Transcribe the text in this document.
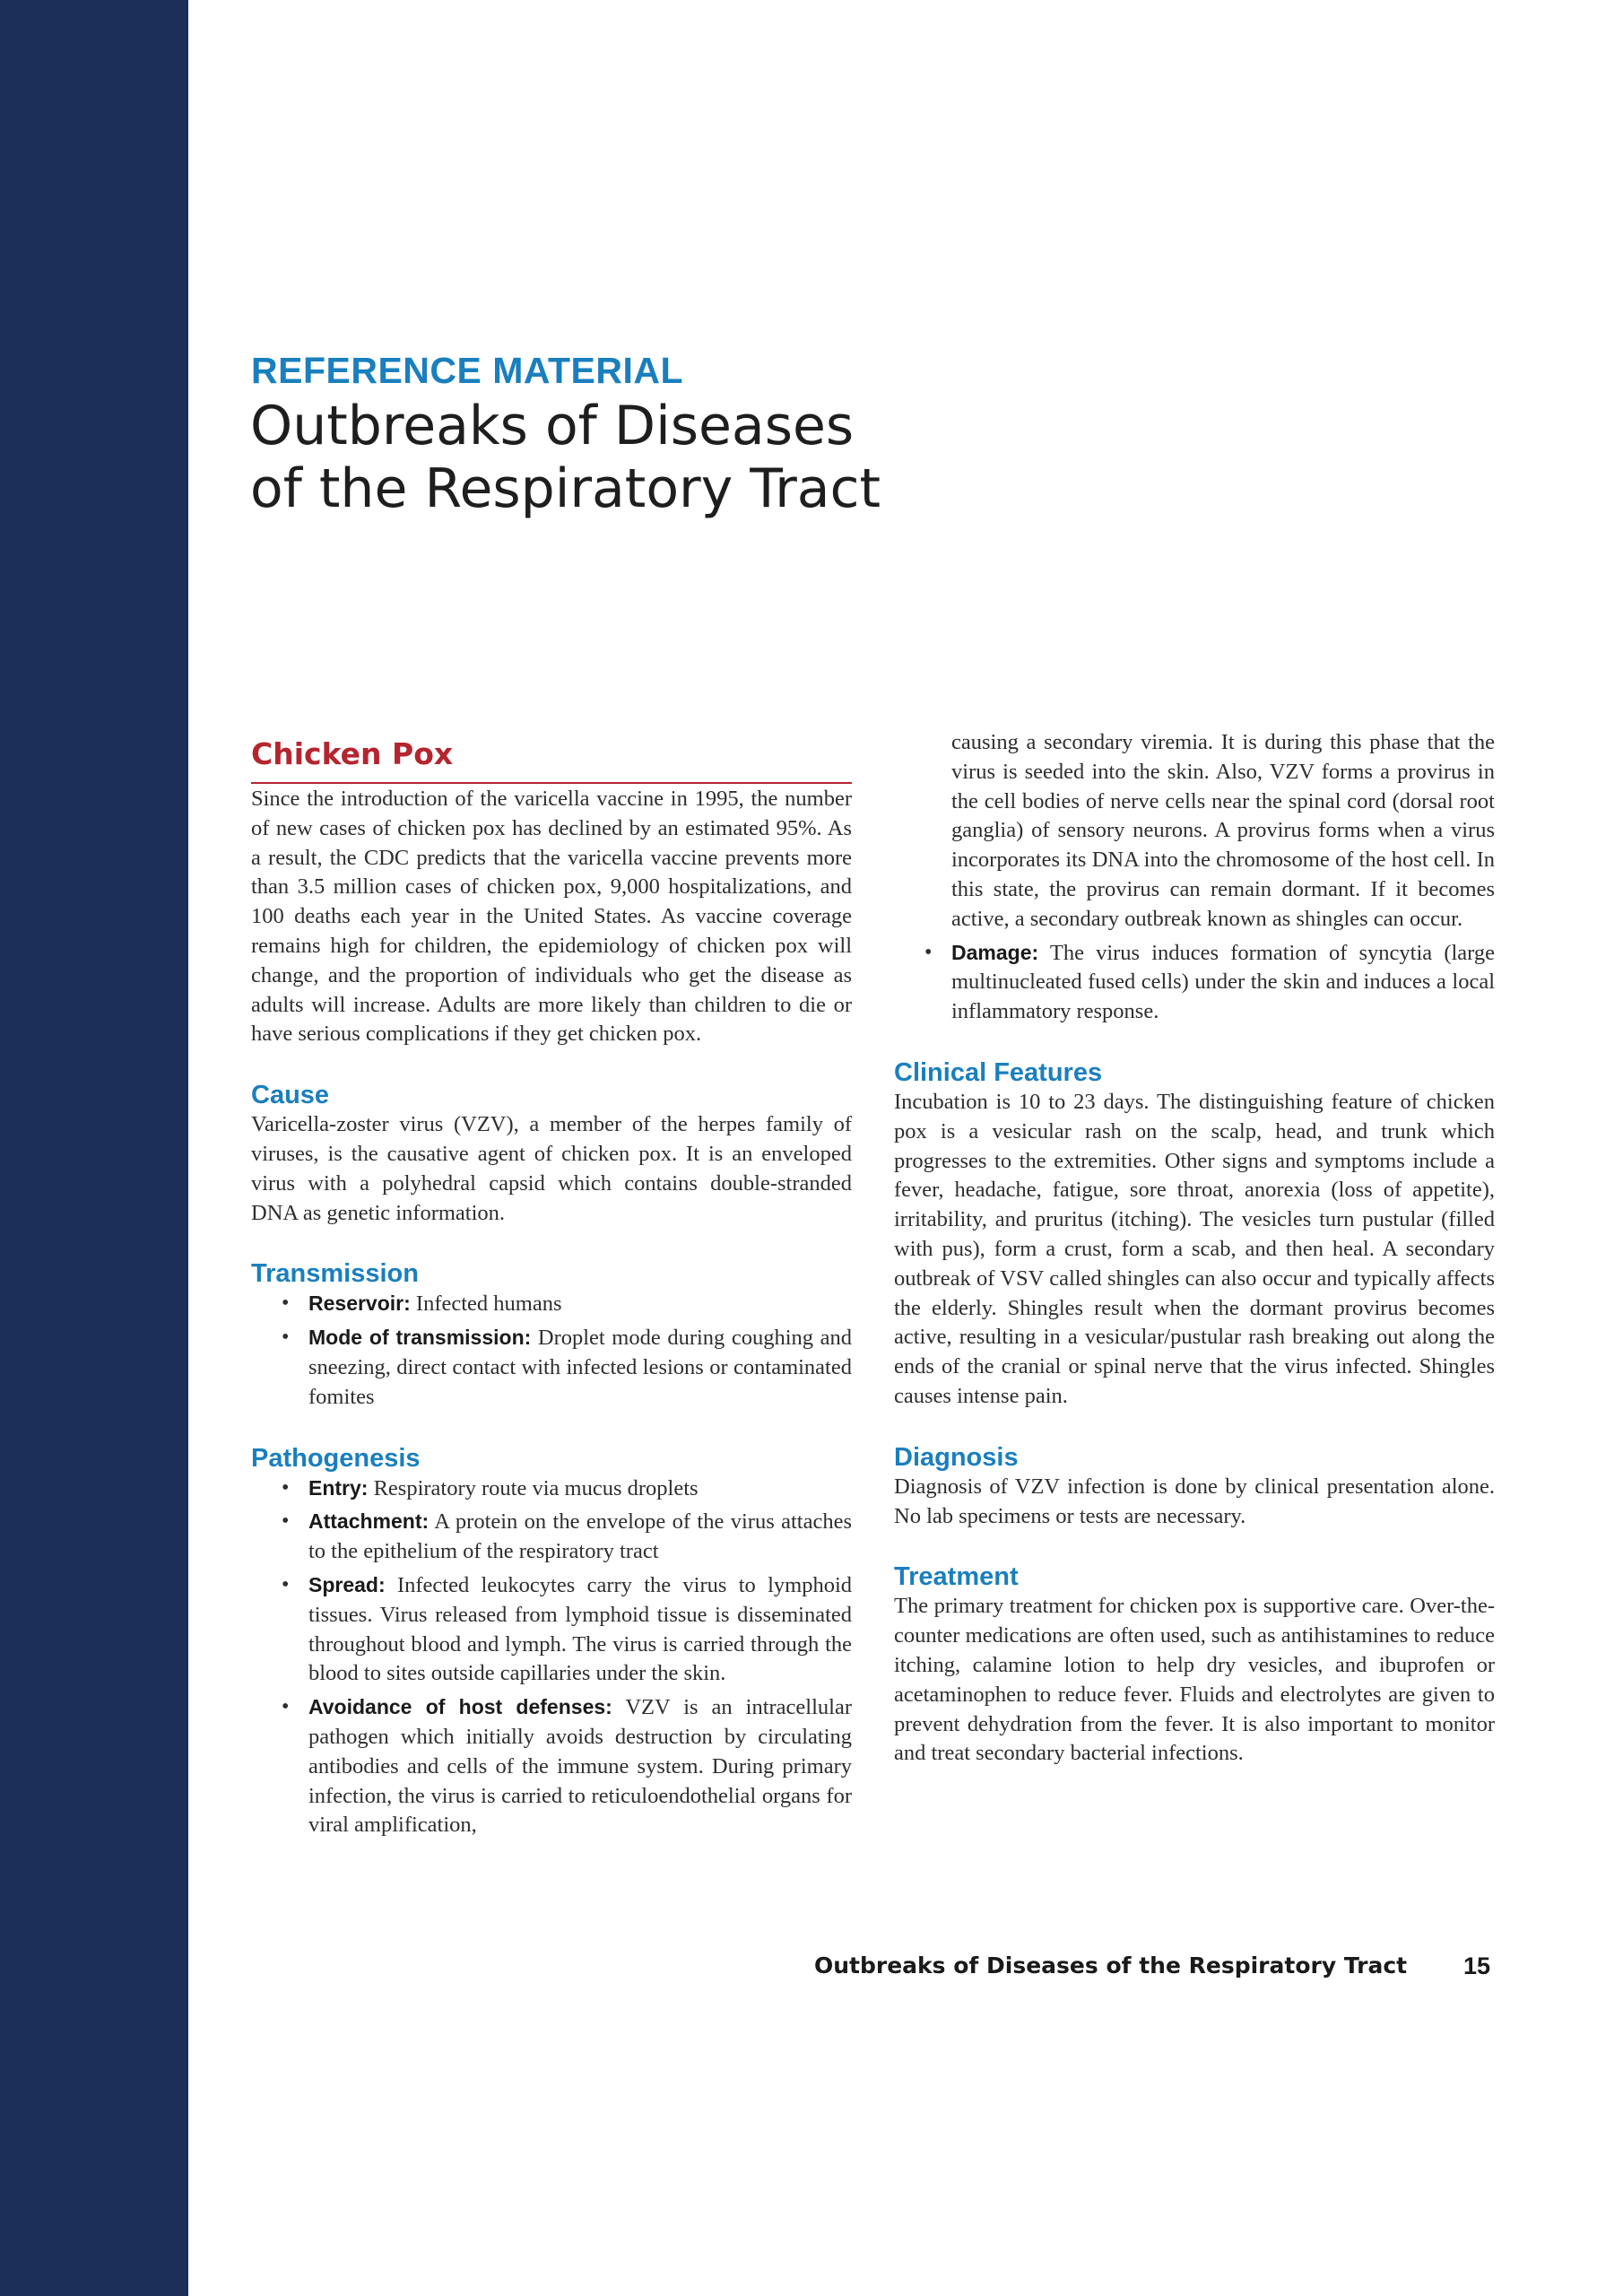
REFERENCE MATERIAL
Outbreaks of Diseases
of the Respiratory Tract
Chicken Pox

Since the introduction of the varicella vaccine in 1995, the number of new cases of chicken pox has declined by an estimated 95%. As a result, the CDC predicts that the varicella vaccine prevents more than 3.5 million cases of chicken pox, 9,000 hospitalizations, and 100 deaths each year in the United States. As vaccine coverage remains high for children, the epidemiology of chicken pox will change, and the proportion of individuals who get the disease as adults will increase. Adults are more likely than children to die or have serious complications if they get chicken pox.

Cause

Varicella-zoster virus (VZV), a member of the herpes family of viruses, is the causative agent of chicken pox. It is an enveloped virus with a polyhedral capsid which contains double-stranded DNA as genetic information.

Transmission
• Reservoir: Infected humans
• Mode of transmission: Droplet mode during coughing and sneezing, direct contact with infected lesions or contaminated fomites
Pathogenesis
• Entry: Respiratory route via mucus droplets
• Attachment: A protein on the envelope of the virus attaches to the epithelium of the respiratory tract
• Spread: Infected leukocytes carry the virus to lymphoid tissues. Virus released from lymphoid tissue is disseminated throughout blood and lymph. The virus is carried through the blood to sites outside capillaries under the skin.
• Avoidance of host defenses: VZV is an intracellular pathogen which initially avoids destruction by circulating antibodies and cells of the immune system. During primary infection, the virus is carried to reticuloendothelial organs for viral amplification,
causing a secondary viremia. It is during this phase that the virus is seeded into the skin. Also, VZV forms a provirus in the cell bodies of nerve cells near the spinal cord (dorsal root ganglia) of sensory neurons. A provirus forms when a virus incorporates its DNA into the chromosome of the host cell. In this state, the provirus can remain dormant. If it becomes active, a secondary outbreak known as shingles can occur.
• Damage: The virus induces formation of syncytia (large multinucleated fused cells) under the skin and induces a local inflammatory response.
Clinical Features

Incubation is 10 to 23 days. The distinguishing feature of chicken pox is a vesicular rash on the scalp, head, and trunk which progresses to the extremities. Other signs and symptoms include a fever, headache, fatigue, sore throat, anorexia (loss of appetite), irritability, and pruritus (itching). The vesicles turn pustular (filled with pus), form a crust, form a scab, and then heal. A secondary outbreak of VSV called shingles can also occur and typically affects the elderly. Shingles result when the dormant provirus becomes active, resulting in a vesicular/pustular rash breaking out along the ends of the cranial or spinal nerve that the virus infected. Shingles causes intense pain.

Diagnosis

Diagnosis of VZV infection is done by clinical presentation alone. No lab specimens or tests are necessary.

Treatment

The primary treatment for chicken pox is supportive care. Over-the-counter medications are often used, such as antihistamines to reduce itching, calamine lotion to help dry vesicles, and ibuprofen or acetaminophen to reduce fever. Fluids and electrolytes are given to prevent dehydration from the fever. It is also important to monitor and treat secondary bacterial infections.

Outbreaks of Diseases of the Respiratory Tract	15
